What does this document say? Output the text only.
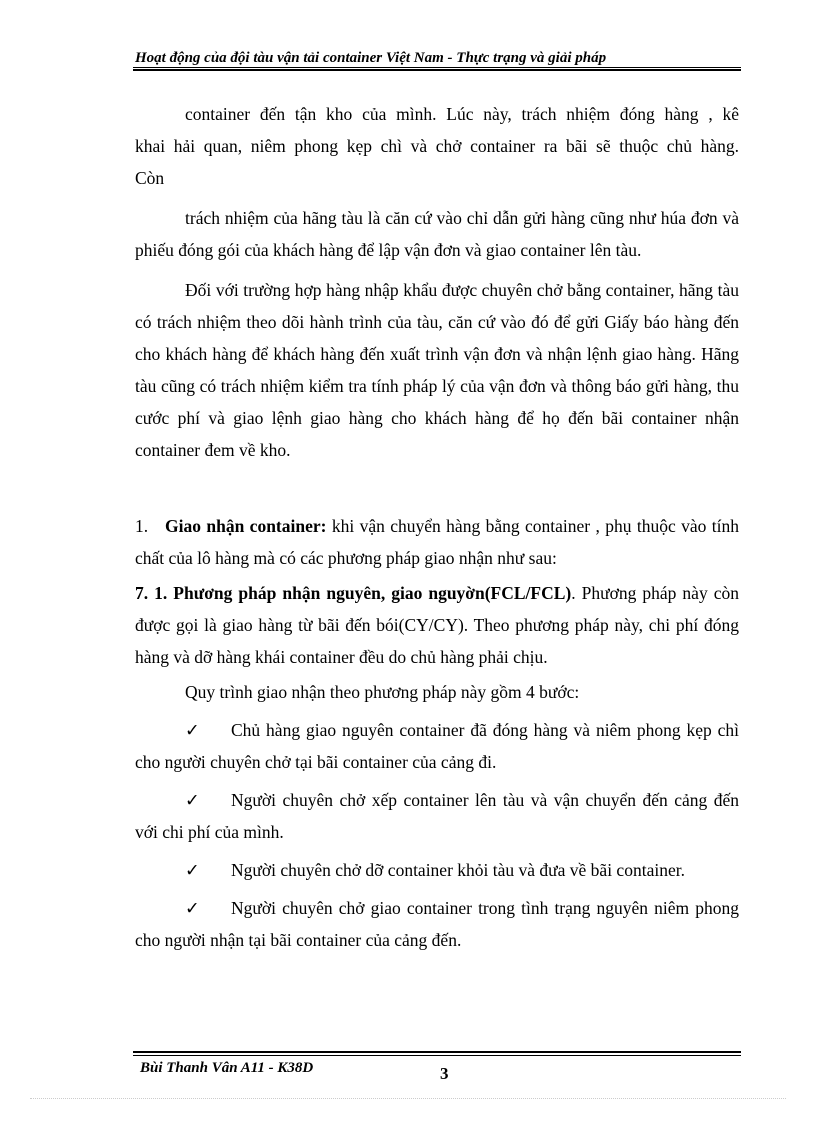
Hoạt động của đội tàu vận tải container Việt Nam - Thực trạng và giải pháp

container đến tận kho của mình. Lúc này, trách nhiệm đóng hàng , kê

khai hải quan, niêm phong kẹp chì và chở container ra bãi sẽ thuộc chủ hàng.

Còn

trách nhiệm của hãng tàu là căn cứ vào chỉ dẫn gửi hàng cũng như húa đơn và phiếu đóng gói của khách hàng để lập vận đơn và giao container lên tàu.

Đối với trường hợp hàng nhập khẩu được chuyên chở bằng container, hãng tàu có trách nhiệm theo dõi hành trình của tàu, căn cứ vào đó để gửi Giấy báo hàng đến cho khách hàng để khách hàng đến xuất trình vận đơn và nhận lệnh giao hàng. Hãng tàu cũng có trách nhiệm kiểm tra tính pháp lý của vận đơn và thông báo gửi hàng, thu cước phí và giao lệnh giao hàng cho khách hàng để họ đến bãi container nhận container đem về kho.

1. Giao nhận container: khi vận chuyển hàng bằng container , phụ thuộc vào tính chất của lô hàng mà có các phương pháp giao nhận như sau:

7. 1. Phương pháp nhận nguyên, giao nguyờn(FCL/FCL). Phương pháp này còn được gọi là giao hàng từ bãi đến bói(CY/CY). Theo phương pháp này, chi phí đóng hàng và dỡ hàng khái container đều do chủ hàng phải chịu.

Quy trình giao nhận theo phương pháp này gồm 4 bước:

✓ Chủ hàng giao nguyên container đã đóng hàng và niêm phong kẹp chì cho người chuyên chở tại bãi container của cảng đi.

✓ Người chuyên chở xếp container lên tàu và vận chuyển đến cảng đến với chi phí của mình.

✓ Người chuyên chở dỡ container khỏi tàu và đưa về bãi container.

✓ Người chuyên chở giao container trong tình trạng nguyên niêm phong cho người nhận tại bãi container của cảng đến.

Bùi Thanh Vân A11 - K38D	3
